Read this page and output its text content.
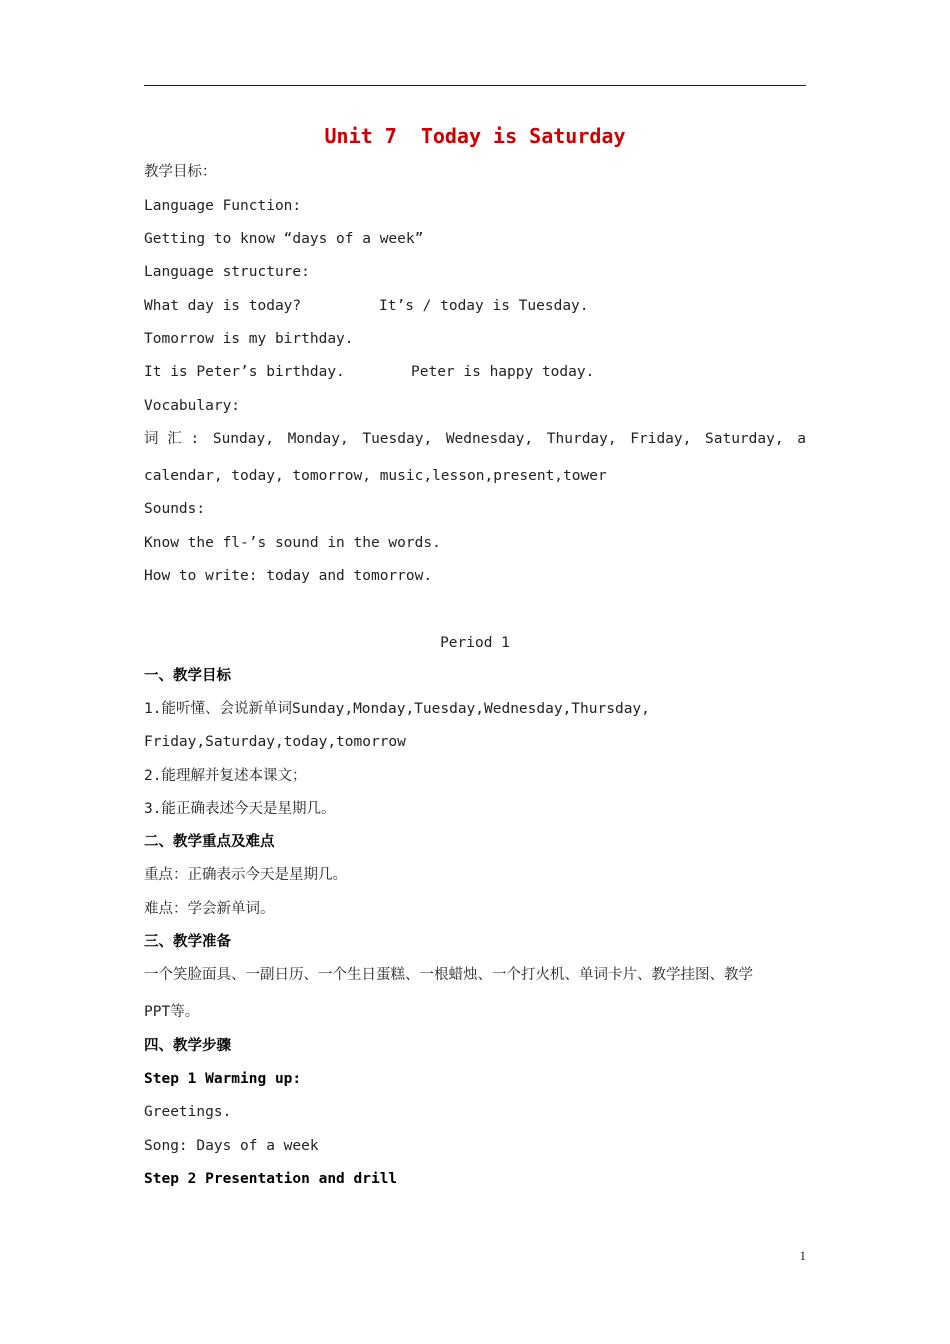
Unit 7  Today is Saturday
教学目标：
Language Function:
Getting to know “days of a week”
Language structure:
What day is today?	It’s / today is Tuesday.
Tomorrow is my birthday.
It is Peter’s birthday.	Peter is happy today.
Vocabulary:
词 汇 : Sunday, Monday, Tuesday, Wednesday, Thurday, Friday, Saturday, a
calendar, today, tomorrow, music,lesson,present,tower
Sounds:
Know the fl-’s sound in the words.
How to write: today and tomorrow.
Period 1
一、教学目标
1.能听懂、会说新单词Sunday,Monday,Tuesday,Wednesday,Thursday,
Friday,Saturday,today,tomorrow
2.能理解并复述本课文；
3.能正确表述今天是星期几。
二、教学重点及难点
重点：正确表示今天是星期几。
难点：学会新单词。
三、教学准备
一个笑脸面具、一副日历、一个生日蛋糕、一根蜡烛、一个打火机、单词卡片、教学挂图、教学
PPT等。
四、教学步骤
Step 1 Warming up:
Greetings.
Song: Days of a week
Step 2 Presentation and drill
1
